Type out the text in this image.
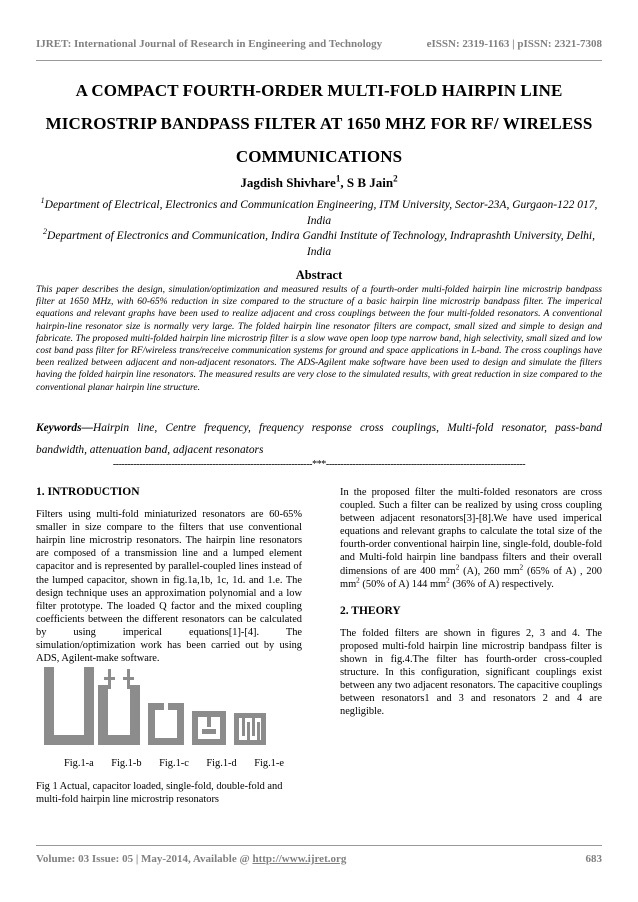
IJRET: International Journal of Research in Engineering and Technology	eISSN: 2319-1163 | pISSN: 2321-7308
A COMPACT FOURTH-ORDER MULTI-FOLD HAIRPIN LINE MICROSTRIP BANDPASS FILTER AT 1650 MHZ FOR RF/ WIRELESS COMMUNICATIONS
Jagdish Shivhare$^1$, S B Jain$^2$

$^1$Department of Electrical, Electronics and Communication Engineering, ITM University, Sector-23A, Gurgaon-122 017, India

$^2$Department of Electronics and Communication, Indira Gandhi Institute of Technology, Indraprashth University, Delhi, India

Abstract
This paper describes the design, simulation/optimization and measured results of a fourth-order multi-folded hairpin line microstrip bandpass filter at 1650 MHz, with 60-65% reduction in size compared to the structure of a basic hairpin line microstrip bandpass filter. The imperical equations and relevant graphs have been used to realize adjacent and cross couplings between the four multi-folded resonators. A conventional hairpin-line resonator size is normally very large. The folded hairpin line resonator filters are compact, small sized and simple to design and fabricate. The proposed multi-folded hairpin line microstrip filter is a slow wave open loop type narrow band, high selectivity, small sized and low cost band pass filter for RF/wireless trans/receive communication systems for ground and space applications in L-band. The cross couplings have been realized between adjacent and non-adjacent resonators. The ADS-Agilent make software have been used to design and simulate the filters having the folded hairpin line resonators. The measured results are very close to the simulated results, with great reduction in size compared to the conventional planar hairpin line structure.
Keywords—Hairpin line, Centre frequency, frequency response cross couplings, Multi-fold resonator, pass-band bandwidth, attenuation band, adjacent resonators
--------------------------------------------------------------------***--------------------------------------------------------------------
1. INTRODUCTION

Filters using multi-fold miniaturized resonators are 60-65% smaller in size compare to the filters that use conventional hairpin line microstrip resonators. The hairpin line resonators are composed of a transmission line and a lumped element capacitor and is represented by parallel-coupled lines instead of the lumped capacitor, shown in fig.1a,1b, 1c, 1d. and 1.e. The design technique uses an approximation polynomial and a low filter prototype. The loaded Q factor and the mixed coupling coefficients between the different resonators can be calculated by using imperical equations[1]-[4]. The simulation/optimization work has been carried out by using ADS, Agilent-make software.

Fig.1-a Fig.1-b Fig.1-c Fig.1-d Fig.1-e
Fig 1 Actual, capacitor loaded, single-fold, double-fold and multi-fold hairpin line microstrip resonators

In the proposed filter the multi-folded resonators are cross coupled. Such a filter can be realized by using cross coupling between adjacent resonators[3]-[8].We have used imperical equations and relevant graphs to calculate the total size of the fourth-order conventional hairpin line, single-fold, double-fold and Multi-fold hairpin line bandpass filters and their overall dimensions of are 400 $mm^2$ (A), 260 $mm^2$ (65% of A) , 200 $mm^2$ (50% of A) 144 $mm^2$ (36% of A) respectively.

2. THEORY

The folded filters are shown in figures 2, 3 and 4. The proposed multi-fold hairpin line microstrip bandpass filter is shown in fig.4.The filter has fourth-order cross-coupled structure. In this configuration, significant couplings exist between any two adjacent resonators. The capacitive couplings between resonators1 and 3 and resonators 2 and 4 are negligible.

Volume: 03 Issue: 05 | May-2014, Available @ http://www.ijret.org	683
